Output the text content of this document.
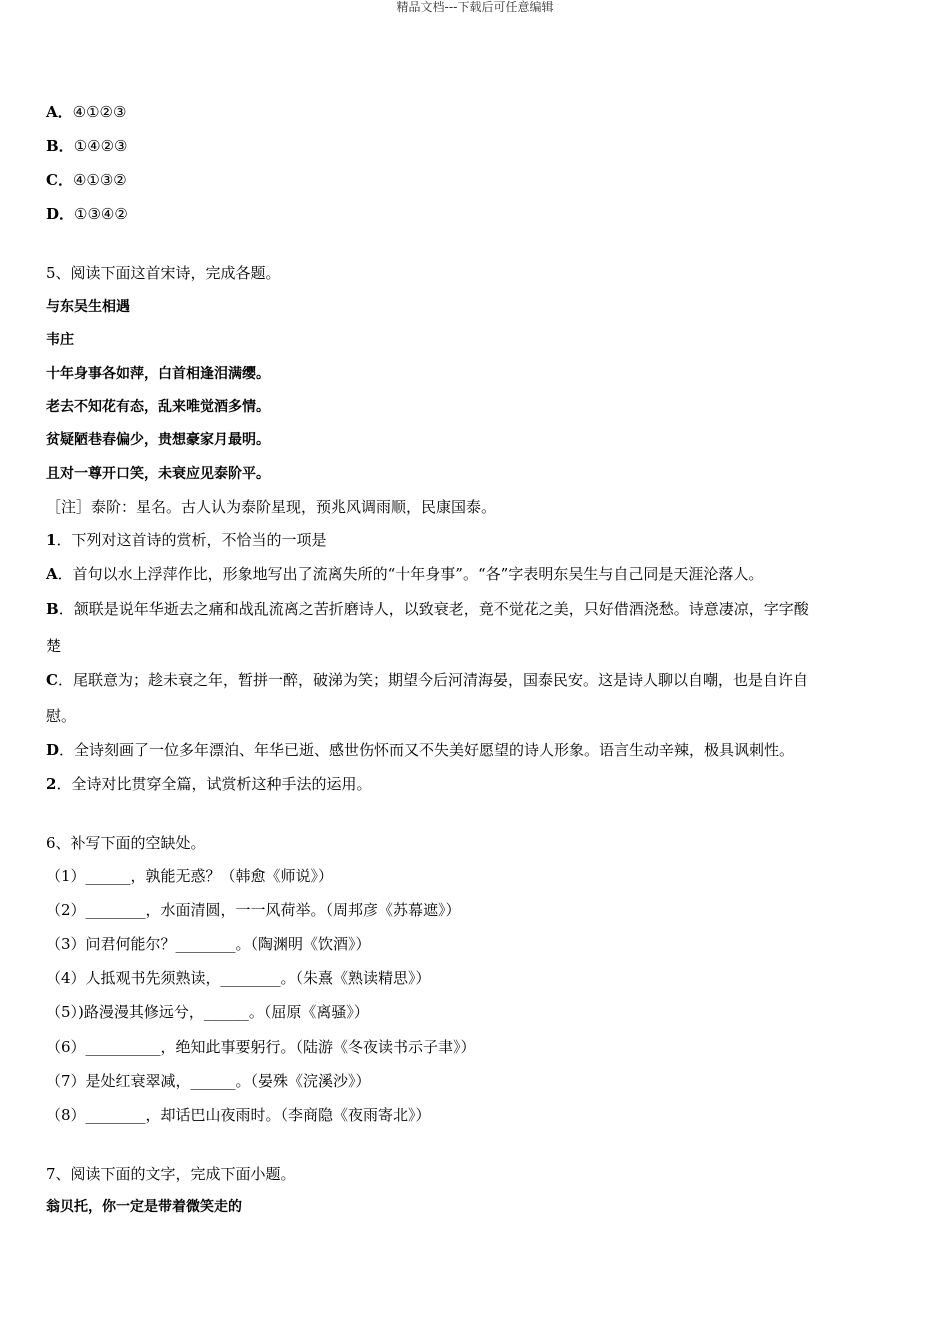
精品文档---下载后可任意编辑
A．④①②③
B．①④②③
C．④①③②
D．①③④②
5、阅读下面这首宋诗，完成各题。
与东吴生相遇
韦庄
十年身事各如萍，白首相逢泪满缨。
老去不知花有态，乱来唯觉酒多情。
贫疑陋巷春偏少，贵想豪家月最明。
且对一尊开口笑，未衰应见泰阶平。
［注］泰阶：星名。古人认为泰阶星现，预兆风调雨顺，民康国泰。
1．下列对这首诗的赏析，不恰当的一项是
A．首句以水上浮萍作比，形象地写出了流离失所的“十年身事”。“各”字表明东吴生与自己同是天涯沦落人。
B．颔联是说年华逝去之痛和战乱流离之苦折磨诗人，以致衰老，竟不觉花之美，只好借酒浇愁。诗意凄凉，字字酸
楚
C．尾联意为；趁未衰之年，暂拼一醉，破涕为笑；期望今后河清海晏，国泰民安。这是诗人聊以自嘲，也是自许自
慰。
D．全诗刻画了一位多年漂泊、年华已逝、感世伤怀而又不失美好愿望的诗人形象。语言生动辛辣，极具讽刺性。
2．全诗对比贯穿全篇，试赏析这种手法的运用。
6、补写下面的空缺处。
（1）______，孰能无惑？（韩愈《师说》）
（2）________，水面清圆，一一风荷举。（周邦彦《苏幕遮》）
（3）问君何能尔？________。（陶渊明《饮酒》）
（4）人抵观书先须熟读，________。（朱熹《熟读精思》）
（5）)路漫漫其修远兮，______。（屈原《离骚》）
（6）__________，绝知此事要躬行。（陆游《冬夜读书示子聿》）
（7）是处红衰翠减，______。（晏殊《浣溪沙》）
（8）________，却话巴山夜雨时。（李商隐《夜雨寄北》）
7、阅读下面的文字，完成下面小题。
翁贝托，你一定是带着微笑走的
